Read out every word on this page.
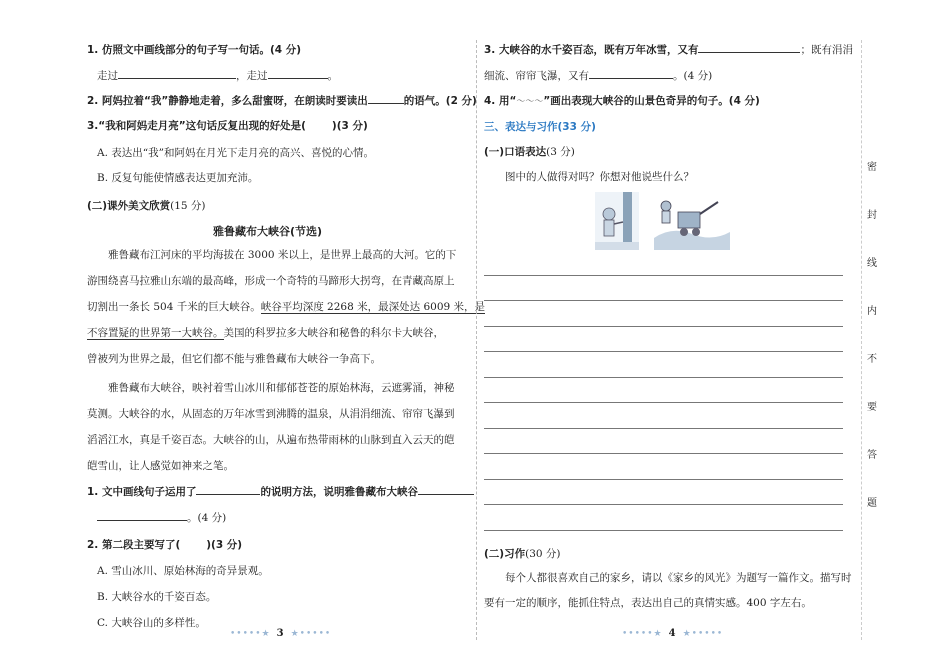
1. 仿照文中画线部分的句子写一句话。(4 分)
走过	，走过	。
2. 阿妈拉着“我”静静地走着，多么甜蜜呀，在朗读时要读出	的语气。(2 分)
3.“我和阿妈走月亮”这句话反复出现的好处是( )(3 分)
A. 表达出“我”和阿妈在月光下走月亮的高兴、喜悦的心情。
B. 反复句能使情感表达更加充沛。
(二)课外美文欣赏(15 分)
雅鲁藏布大峡谷(节选)
雅鲁藏布江河床的平均海拔在 3000 米以上，是世界上最高的大河。它的下
游围绕喜马拉雅山东端的最高峰，形成一个奇特的马蹄形大拐弯，在青藏高原上
切割出一条长 504 千米的巨大峡谷。峡谷平均深度 2268 米，最深处达 6009 米，是
不容置疑的世界第一大峡谷。美国的科罗拉多大峡谷和秘鲁的科尔卡大峡谷，
曾被列为世界之最，但它们都不能与雅鲁藏布大峡谷一争高下。
雅鲁藏布大峡谷，映衬着雪山冰川和郁郁苍苍的原始林海，云遮雾涌，神秘
莫测。大峡谷的水，从固态的万年冰雪到沸腾的温泉，从涓涓细流、帘帘飞瀑到
滔滔江水，真是千姿百态。大峡谷的山，从遍布热带雨林的山脉到直入云天的皑
皑雪山，让人感觉如神来之笔。
1. 文中画线句子运用了	的说明方法，说明雅鲁藏布大峡谷
。(4 分)
2. 第二段主要写了( )(3 分)
A. 雪山冰川、原始林海的奇异景观。
B. 大峡谷水的千姿百态。
C. 大峡谷山的多样性。
•••••★ 3 ★•••••
3. 大峡谷的水千姿百态，既有万年冰雪，又有	；既有涓涓
细流、帘帘飞瀑，又有	。(4 分)
4. 用“～～～”画出表现大峡谷的山景色奇异的句子。(4 分)
三、表达与习作(33 分)
(一)口语表达(3 分)
图中的人做得对吗？你想对他说些什么？
(二)习作(30 分)
每个人都很喜欢自己的家乡，请以《家乡的风光》为题写一篇作文。描写时
要有一定的顺序，能抓住特点，表达出自己的真情实感。400 字左右。
•••••★ 4 ★•••••
密
封
线
内
不
要
答
题
